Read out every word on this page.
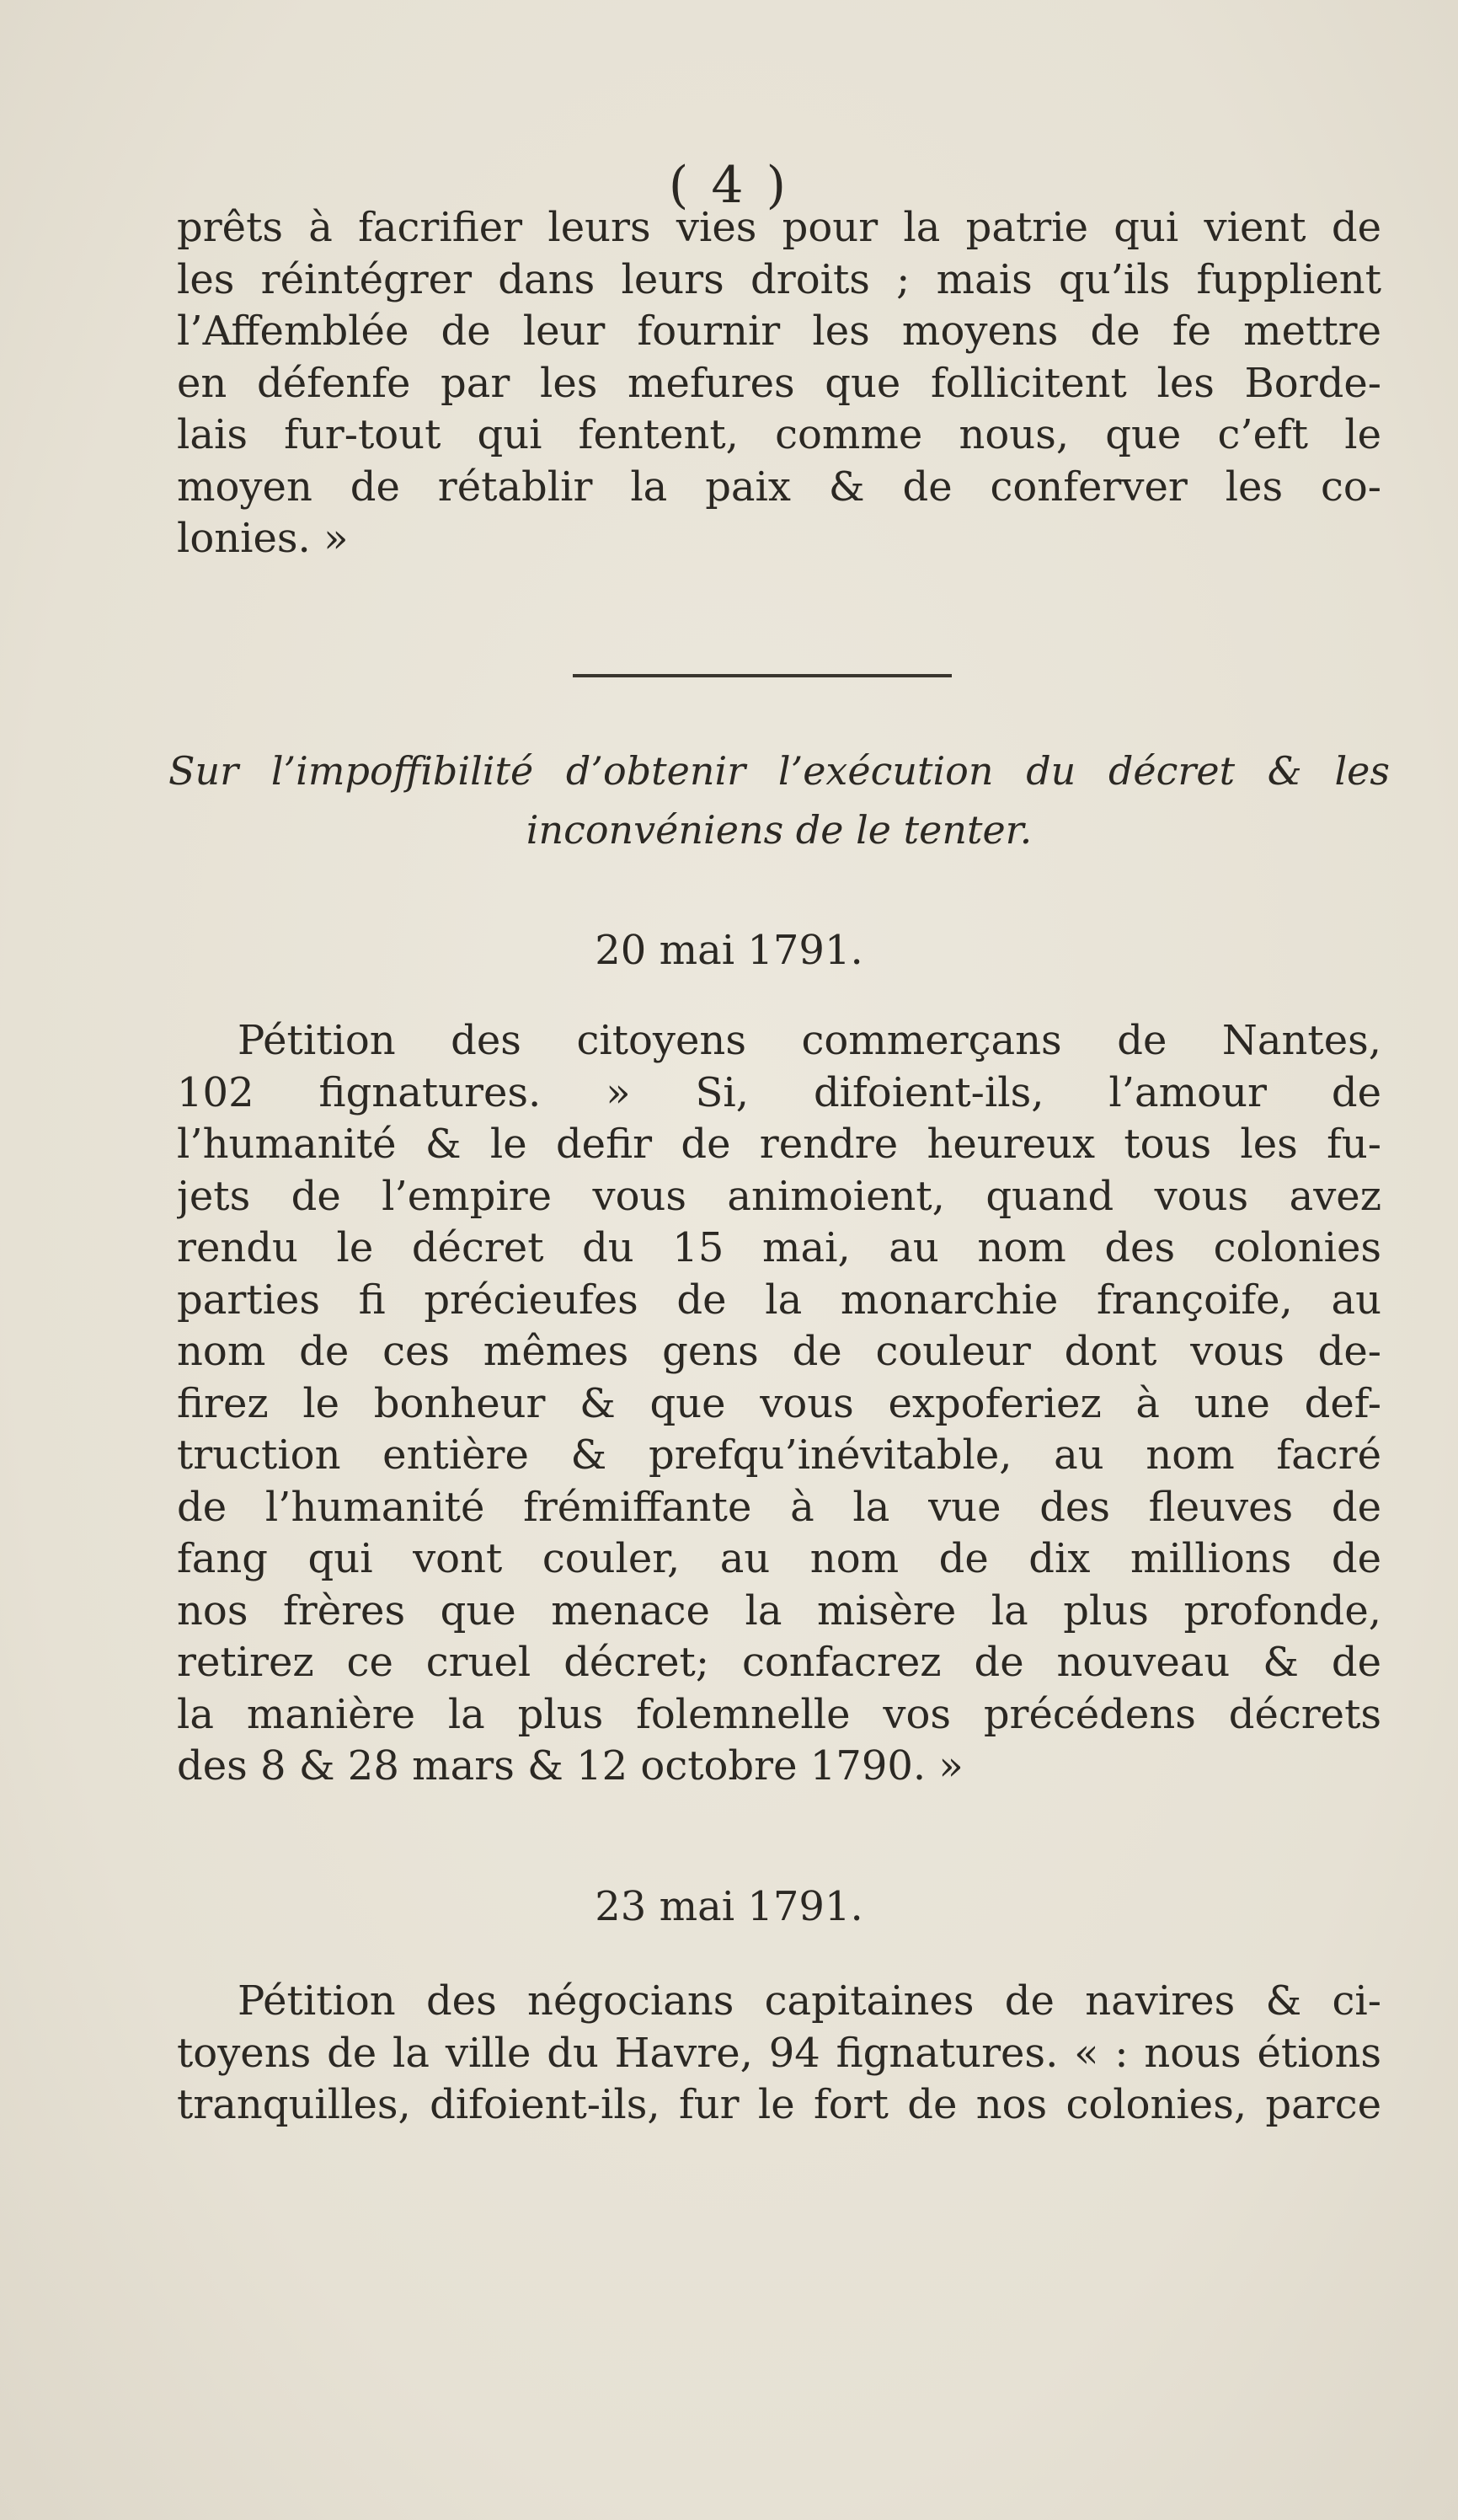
( 4 )
prêts à facrifier leurs vies pour la patrie qui vient de
les réintégrer dans leurs droits ; mais qu’ils fupplient
l’Affemblée de leur fournir les moyens de fe mettre
en défenfe par les mefures que follicitent les Borde-
lais fur-tout qui fentent, comme nous, que c’eft le
moyen de rétablir la paix & de conferver les co-
lonies. »
Sur l’impoffibilité d’obtenir l’exécution du décret & les
inconvéniens de le tenter.
20 mai 1791.
Pétition des citoyens commerçans de Nantes,
102 fignatures. » Si, difoient-ils, l’amour de
l’humanité & le defir de rendre heureux tous les fu-
jets de l’empire vous animoient, quand vous avez
rendu le décret du 15 mai, au nom des colonies
parties fi précieufes de la monarchie françoife, au
nom de ces mêmes gens de couleur dont vous de-
firez le bonheur & que vous expoferiez à une def-
truction entière & prefqu’inévitable, au nom facré
de l’humanité frémiffante à la vue des fleuves de
fang qui vont couler, au nom de dix millions de
nos frères que menace la misère la plus profonde,
retirez ce cruel décret; confacrez de nouveau & de
la manière la plus folemnelle vos précédens décrets
des 8 & 28 mars & 12 octobre 1790. »
23 mai 1791.
Pétition des négocians capitaines de navires & ci-
toyens de la ville du Havre, 94 fignatures. « : nous étions
tranquilles, difoient-ils, fur le fort de nos colonies, parce
